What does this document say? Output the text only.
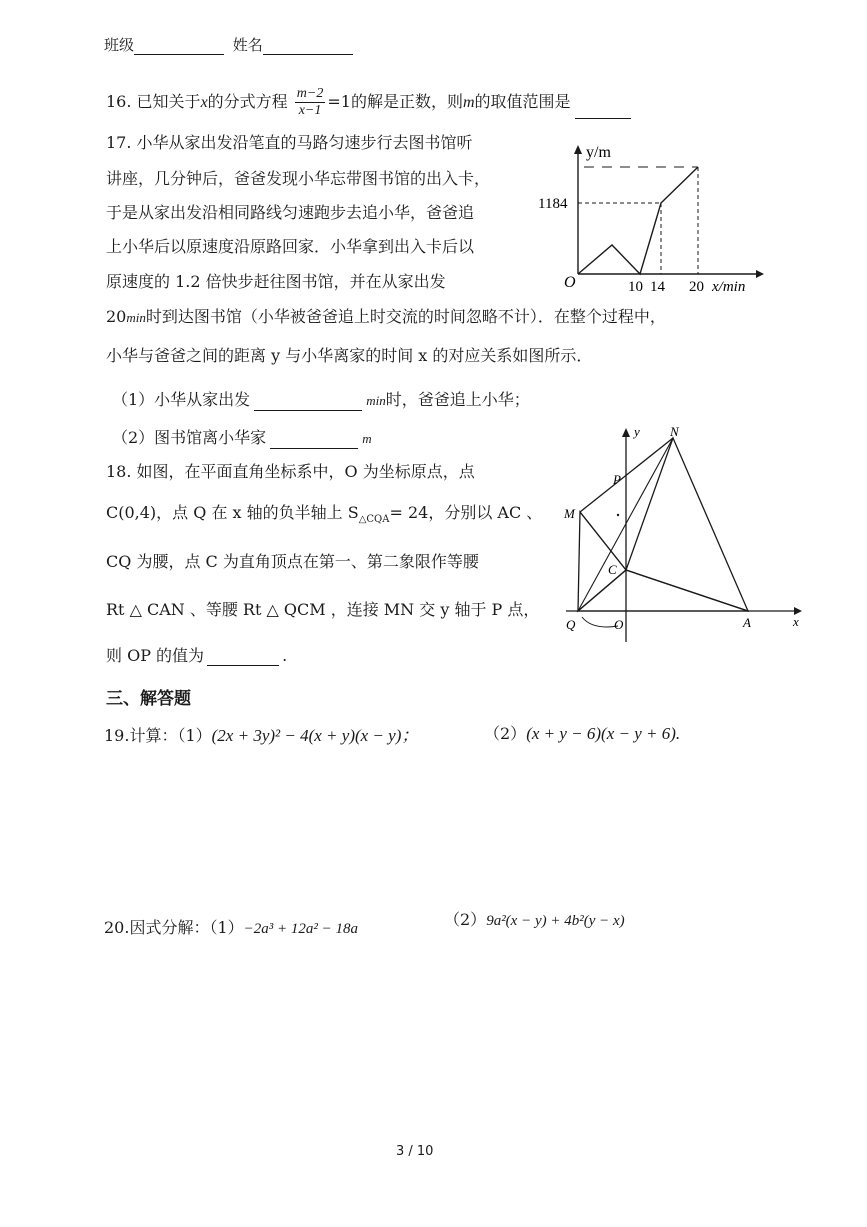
班级	姓名
16. 已知关于x的分式方程 $\frac{m-2}{x-1} =1$的解是正数，则m的取值范围是
17. 小华从家出发沿笔直的马路匀速步行去图书馆听
讲座，几分钟后，爸爸发现小华忘带图书馆的出入卡，
于是从家出发沿相同路线匀速跑步去追小华，爸爸追
上小华后以原速度沿原路回家．小华拿到出入卡后以
原速度的 1.2 倍快步赶往图书馆，并在从家出发
20min时到达图书馆（小华被爸爸追上时交流的时间忽略不计）．在整个过程中，
小华与爸爸之间的距离 y 与小华离家的时间 x 的对应关系如图所示．
（1）小华从家出发	min时，爸爸追上小华；
（2）图书馆离小华家	m
y/m
1184
O	10 14 20 x/min
18. 如图，在平面直角坐标系中，O 为坐标原点，点
C(0,4)，点 Q 在 x 轴的负半轴上 $S_{\triangle CQA}= 24$，分别以 AC 、
CQ 为腰，点 C 为直角顶点在第一、第二象限作等腰
Rt △ CAN 、等腰 Rt △ QCM ，连接 MN 交 y 轴于 P 点，
则 OP 的值为	.
y N
P
M
C
Q	O	A	x
三、解答题
19.计算：（1）(2x + 3y)² − 4(x + y)(x − y)；	（2）(x + y − 6)(x − y + 6).
20.因式分解：（1）−2a³ + 12a² − 18a	（2）9a²(x − y) + 4b²(y − x)
3 / 10
